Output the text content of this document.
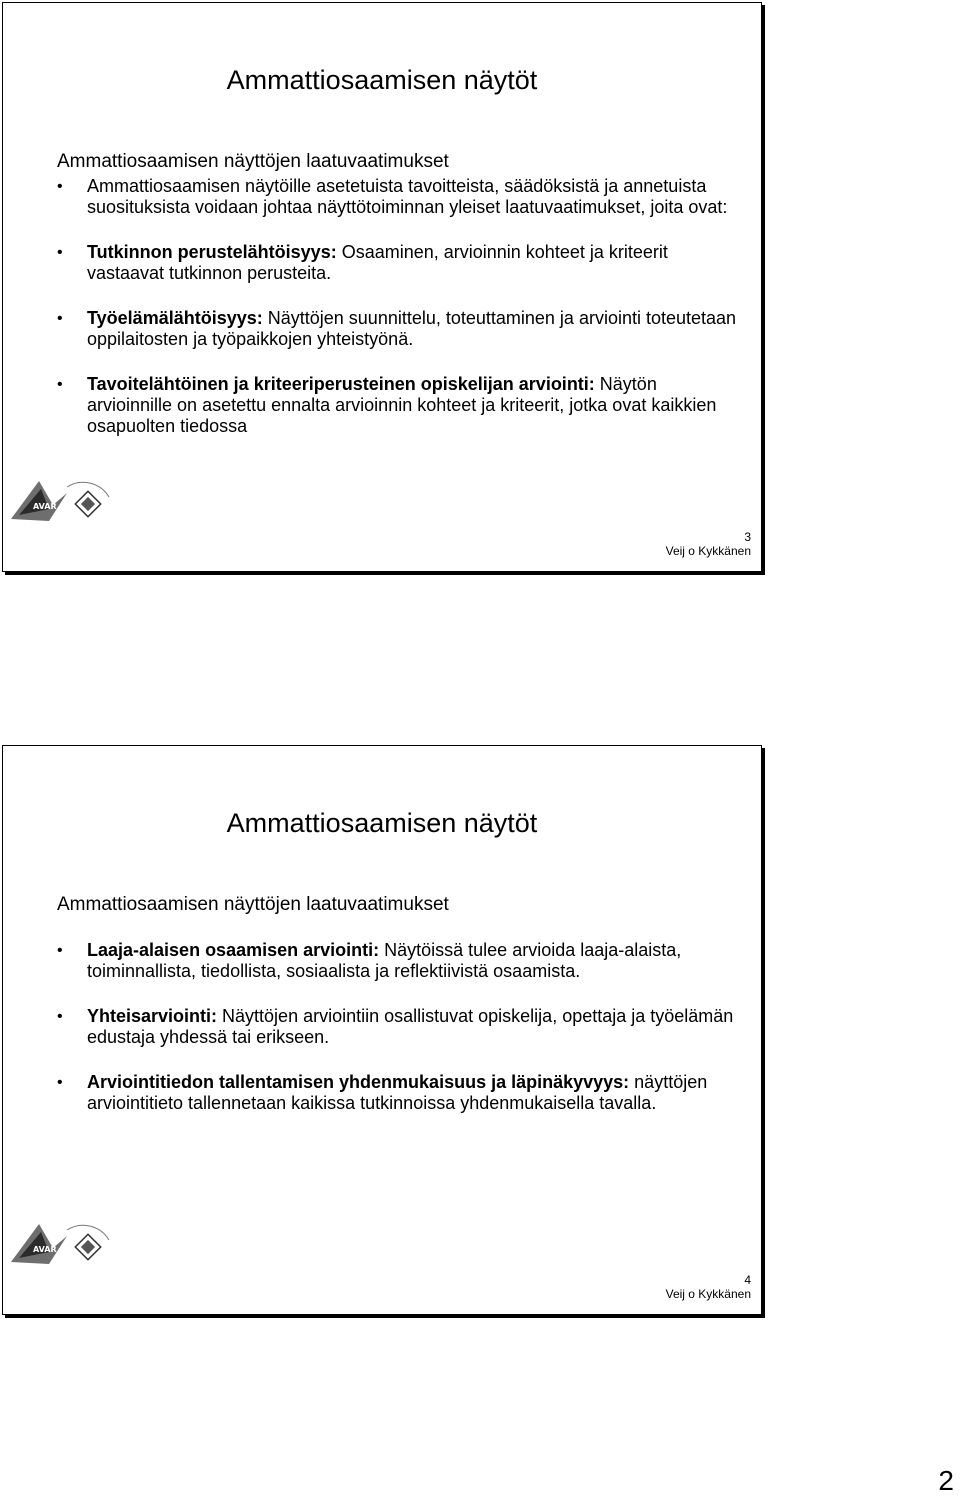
Ammattiosaamisen näytöt
Ammattiosaamisen näyttöjen laatuvaatimukset
• Ammattiosaamisen näytöille asetetuista tavoitteista, säädöksistä ja annetuista suosituksista voidaan johtaa näyttötoiminnan yleiset laatuvaatimukset, joita ovat:
• Tutkinnon perustelähtöisyys: Osaaminen, arvioinnin kohteet ja kriteerit vastaavat tutkinnon perusteita.
• Työelämälähtöisyys: Näyttöjen suunnittelu, toteuttaminen ja arviointi toteutetaan oppilaitosten ja työpaikkojen yhteistyönä.
• Tavoitelähtöinen ja kriteeriperusteinen opiskelijan arviointi: Näytön arvioinnille on asetettu ennalta arvioinnin kohteet ja kriteerit, jotka ovat kaikkien osapuolten tiedossa
AVAR
3
Veij o Kykkänen
Ammattiosaamisen näytöt
Ammattiosaamisen näyttöjen laatuvaatimukset
• Laaja-alaisen osaamisen arviointi: Näytöissä tulee arvioida laaja-alaista, toiminnallista, tiedollista, sosiaalista ja reflektiivistä osaamista.
• Yhteisarviointi: Näyttöjen arviointiin osallistuvat opiskelija, opettaja ja työelämän edustaja yhdessä tai erikseen.
• Arviointitiedon tallentamisen yhdenmukaisuus ja läpinäkyvyys: näyttöjen arviointitieto tallennetaan kaikissa tutkinnoissa yhdenmukaisella tavalla.
AVAR
4
Veij o Kykkänen
2
